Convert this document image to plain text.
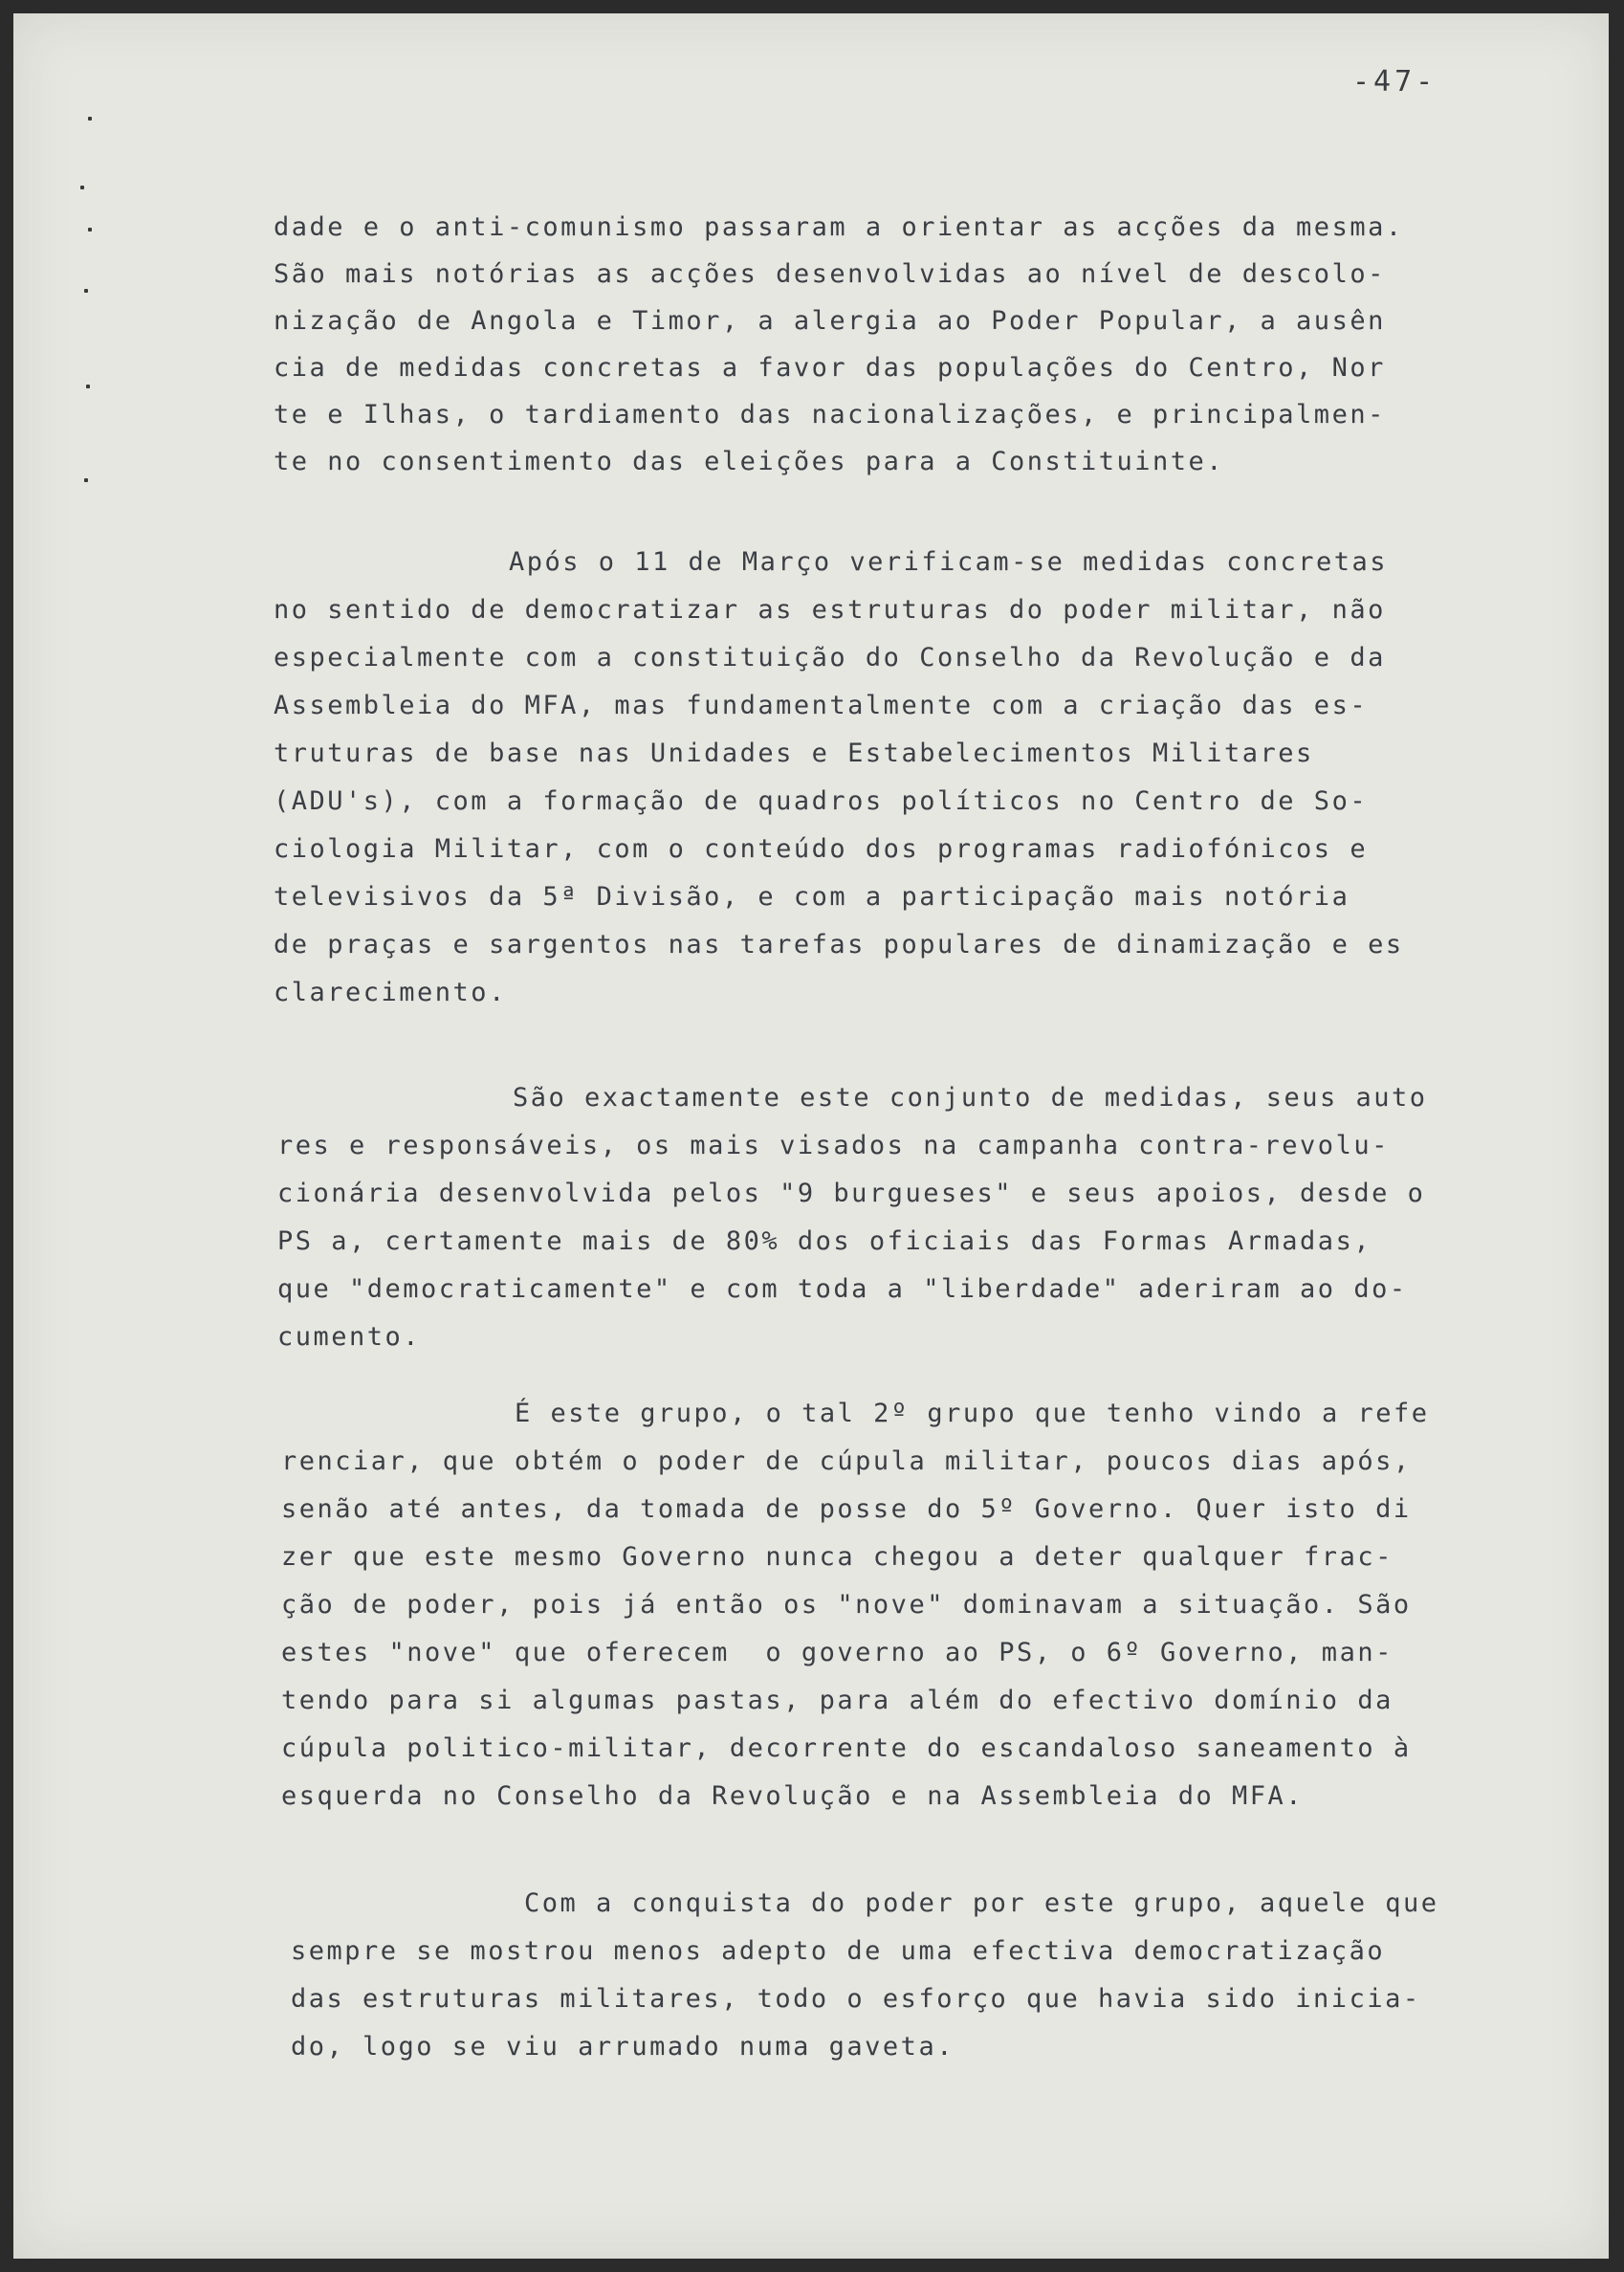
-47-
dade e o anti-comunismo passaram a orientar as acções da mesma.
São mais notórias as acções desenvolvidas ao nível de descolo-
nização de Angola e Timor, a alergia ao Poder Popular, a ausên
cia de medidas concretas a favor das populações do Centro, Nor
te e Ilhas, o tardiamento das nacionalizações, e principalmen-
te no consentimento das eleições para a Constituinte.
Após o 11 de Março verificam-se medidas concretas
no sentido de democratizar as estruturas do poder militar, não
especialmente com a constituição do Conselho da Revolução e da
Assembleia do MFA, mas fundamentalmente com a criação das es-
truturas de base nas Unidades e Estabelecimentos Militares
(ADU's), com a formação de quadros políticos no Centro de So-
ciologia Militar, com o conteúdo dos programas radiofónicos e
televisivos da 5ª Divisão, e com a participação mais notória
de praças e sargentos nas tarefas populares de dinamização e es
clarecimento.
São exactamente este conjunto de medidas, seus auto
res e responsáveis, os mais visados na campanha contra-revolu-
cionária desenvolvida pelos "9 burgueses" e seus apoios, desde o
PS a, certamente mais de 80% dos oficiais das Formas Armadas,
que "democraticamente" e com toda a "liberdade" aderiram ao do-
cumento.
É este grupo, o tal 2º grupo que tenho vindo a refe
renciar, que obtém o poder de cúpula militar, poucos dias após,
senão até antes, da tomada de posse do 5º Governo. Quer isto di
zer que este mesmo Governo nunca chegou a deter qualquer frac-
ção de poder, pois já então os "nove" dominavam a situação. São
estes "nove" que oferecem  o governo ao PS, o 6º Governo, man-
tendo para si algumas pastas, para além do efectivo domínio da
cúpula politico-militar, decorrente do escandaloso saneamento à
esquerda no Conselho da Revolução e na Assembleia do MFA.
Com a conquista do poder por este grupo, aquele que
sempre se mostrou menos adepto de uma efectiva democratização
das estruturas militares, todo o esforço que havia sido inicia-
do, logo se viu arrumado numa gaveta.
